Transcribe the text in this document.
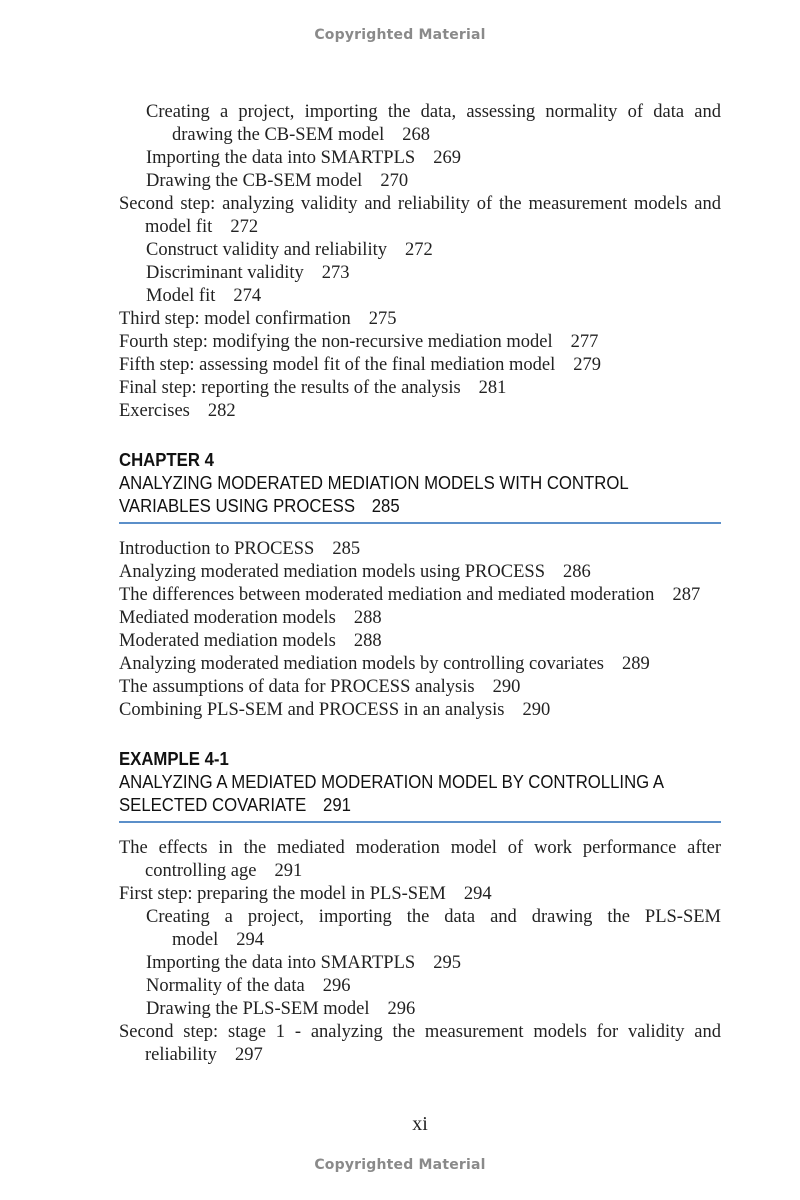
Copyrighted Material
Creating a project, importing the data, assessing normality of data and drawing the CB-SEM model 268
Importing the data into SMARTPLS 269
Drawing the CB-SEM model 270
Second step: analyzing validity and reliability of the measurement models and model fit 272
Construct validity and reliability 272
Discriminant validity 273
Model fit 274
Third step: model confirmation 275
Fourth step: modifying the non-recursive mediation model 277
Fifth step: assessing model fit of the final mediation model 279
Final step: reporting the results of the analysis 281
Exercises 282
CHAPTER 4
ANALYZING MODERATED MEDIATION MODELS WITH CONTROL
VARIABLES USING PROCESS 285
Introduction to PROCESS 285
Analyzing moderated mediation models using PROCESS 286
The differences between moderated mediation and mediated moderation 287
Mediated moderation models 288
Moderated mediation models 288
Analyzing moderated mediation models by controlling covariates 289
The assumptions of data for PROCESS analysis 290
Combining PLS-SEM and PROCESS in an analysis 290
EXAMPLE 4-1
ANALYZING A MEDIATED MODERATION MODEL BY CONTROLLING A
SELECTED COVARIATE 291
The effects in the mediated moderation model of work performance after controlling age 291
First step: preparing the model in PLS-SEM 294
Creating a project, importing the data and drawing the PLS-SEM model 294
Importing the data into SMARTPLS 295
Normality of the data 296
Drawing the PLS-SEM model 296
Second step: stage 1 - analyzing the measurement models for validity and reliability 297
xi
Copyrighted Material
